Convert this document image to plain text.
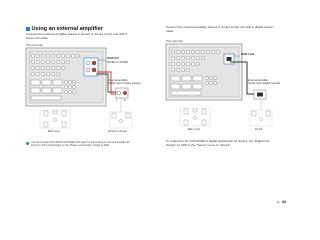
Using an external amplifier
Connect the external amplifier placed in Zone2 or Zone3 to this unit with a stereo pin cable.
Connect the external amplifier placed in Zone4 to this unit with a digital optical cable.
This unit (rear)
ZONE OUT
ZONE2 or ZONE3
External amplifier
(Audio input (analog stereo))
L	R
Zone2 or Zone3
Main zone
This unit (rear)
ZONE 4 jack
External amplifier
(Audio input (digital optical))
Zone4
Main zone
You cannot select the ZONE OUT/PRE OUT jacks for connecting an external amplifier for Zone2 or Zone3 depending on the "Power Amp Assign" setting (p.198).
To output the AV OUT/ZONE 4 digital optical jack for Zone4, set "Digital Out Assign" (p.145) in the "Setup" menu to "Zone4".
En 84
